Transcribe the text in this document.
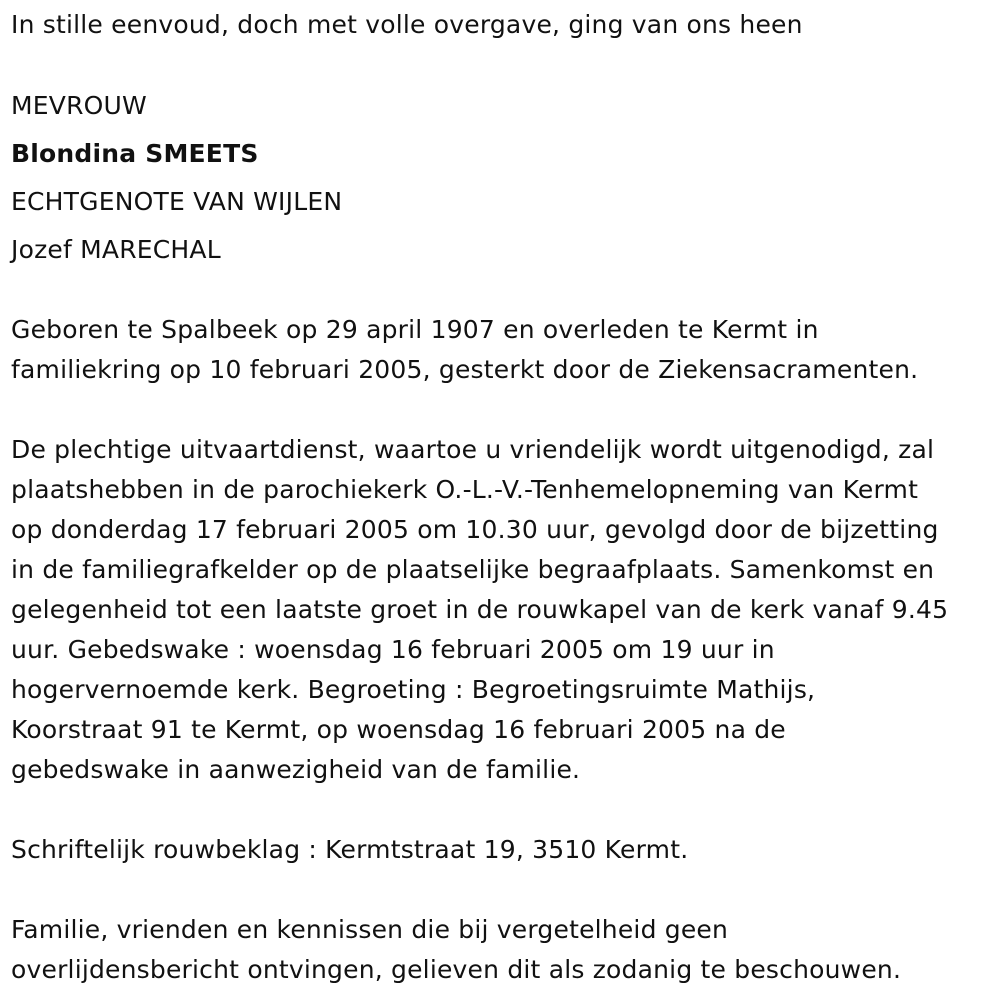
In stille eenvoud, doch met volle overgave, ging van ons heen
MEVROUW
Blondina SMEETS
ECHTGENOTE VAN WIJLEN
Jozef MARECHAL
Geboren te Spalbeek op 29 april 1907 en overleden te Kermt in
familiekring op 10 februari 2005, gesterkt door de Ziekensacramenten.
De plechtige uitvaartdienst, waartoe u vriendelijk wordt uitgenodigd, zal
plaatshebben in de parochiekerk O.-L.-V.-Tenhemelopneming van Kermt
op donderdag 17 februari 2005 om 10.30 uur, gevolgd door de bijzetting
in de familiegrafkelder op de plaatselijke begraafplaats. Samenkomst en
gelegenheid tot een laatste groet in de rouwkapel van de kerk vanaf 9.45
uur. Gebedswake : woensdag 16 februari 2005 om 19 uur in
hogervernoemde kerk. Begroeting : Begroetingsruimte Mathijs,
Koorstraat 91 te Kermt, op woensdag 16 februari 2005 na de
gebedswake in aanwezigheid van de familie.
Schriftelijk rouwbeklag : Kermtstraat 19, 3510 Kermt.
Familie, vrienden en kennissen die bij vergetelheid geen
overlijdensbericht ontvingen, gelieven dit als zodanig te beschouwen.
